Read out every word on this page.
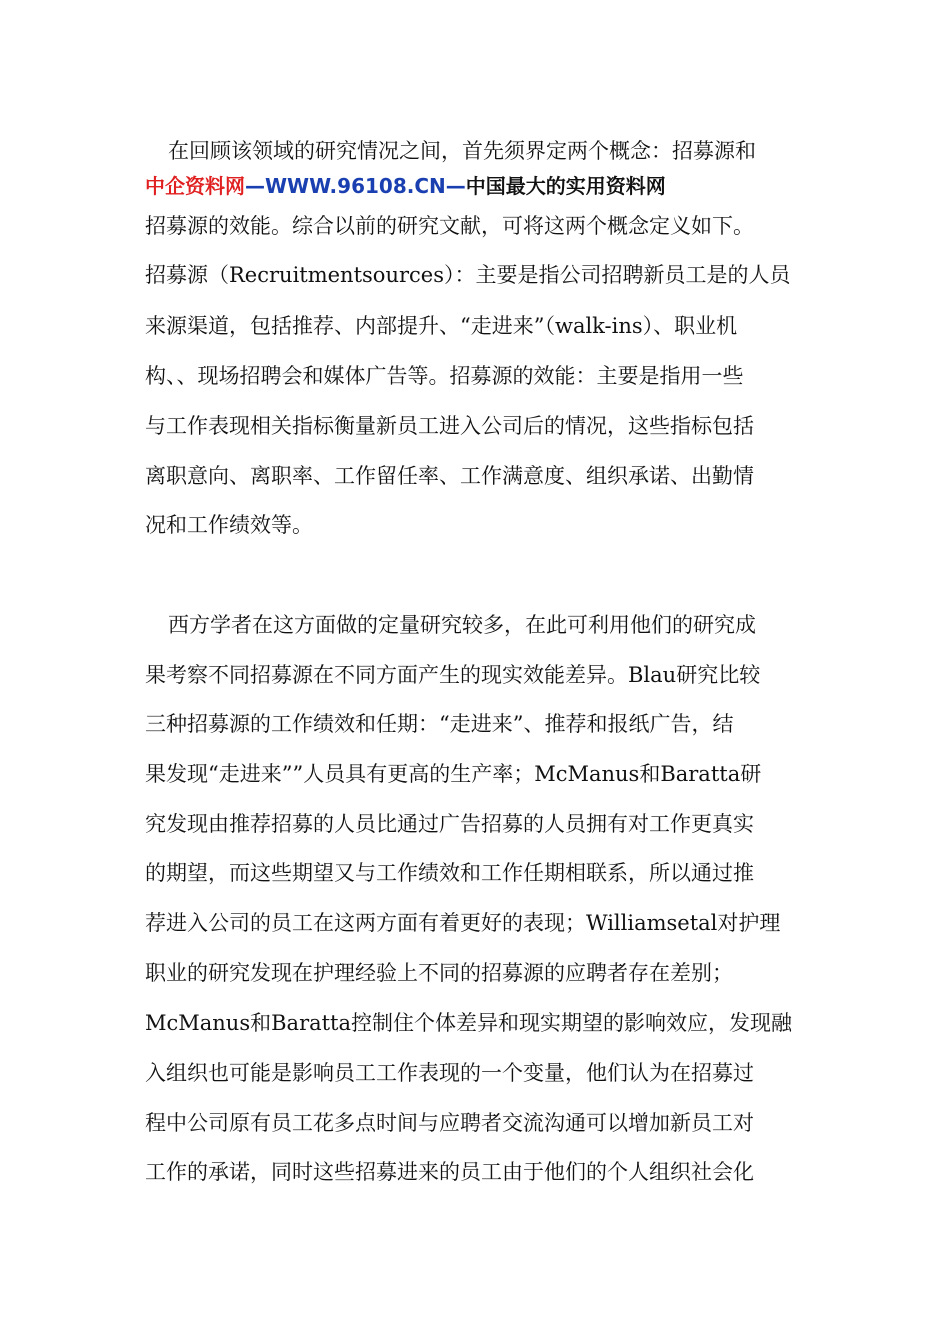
在回顾该领域的研究情况之间，首先须界定两个概念：招募源和
中企资料网—WWW.96108.CN—中国最大的实用资料网
招募源的效能。综合以前的研究文献，可将这两个概念定义如下。
招募源（Recruitmentsources）：主要是指公司招聘新员工是的人员
来源渠道，包括推荐、内部提升、“走进来”（walk-ins）、职业机
构、、现场招聘会和媒体广告等。招募源的效能：主要是指用一些
与工作表现相关指标衡量新员工进入公司后的情况，这些指标包括
离职意向、离职率、工作留任率、工作满意度、组织承诺、出勤情
况和工作绩效等。
西方学者在这方面做的定量研究较多，在此可利用他们的研究成
果考察不同招募源在不同方面产生的现实效能差异。Blau研究比较
三种招募源的工作绩效和任期：“走进来”、推荐和报纸广告，结
果发现“走进来””人员具有更高的生产率；McManus和Baratta研
究发现由推荐招募的人员比通过广告招募的人员拥有对工作更真实
的期望，而这些期望又与工作绩效和工作任期相联系，所以通过推
荐进入公司的员工在这两方面有着更好的表现；Williamsetal对护理
职业的研究发现在护理经验上不同的招募源的应聘者存在差别；
McManus和Baratta控制住个体差异和现实期望的影响效应，发现融
入组织也可能是影响员工工作表现的一个变量，他们认为在招募过
程中公司原有员工花多点时间与应聘者交流沟通可以增加新员工对
工作的承诺，同时这些招募进来的员工由于他们的个人组织社会化
